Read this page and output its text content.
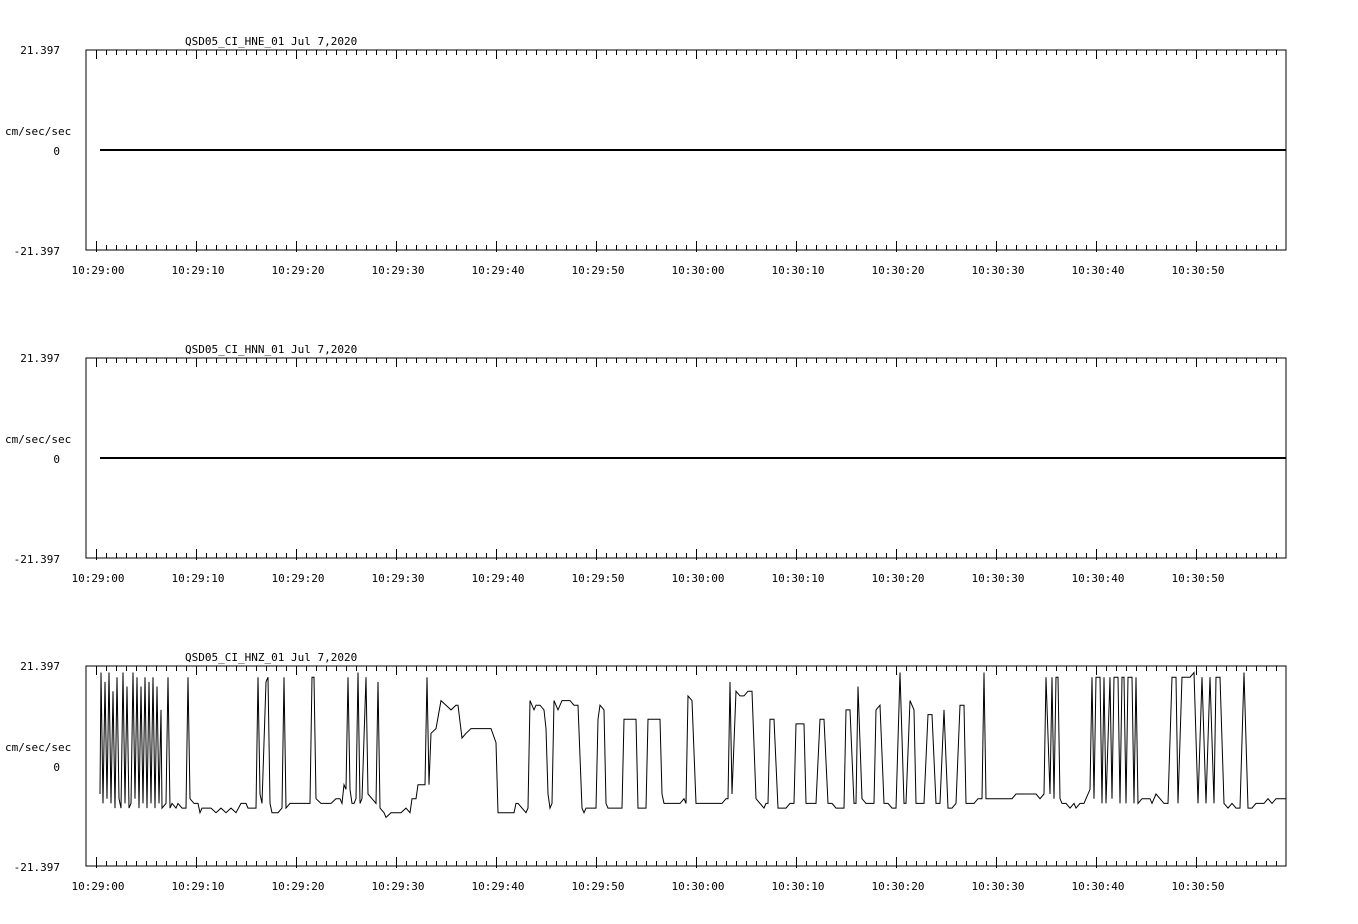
QSD05_CI_HNE_01 Jul 7,2020
21.397
0
-21.397
cm/sec/sec
10:29:00	10:29:10	10:29:20	10:29:30	10:29:40	10:29:50	10:30:00	10:30:10	10:30:20	10:30:30	10:30:40	10:30:50
QSD05_CI_HNN_01 Jul 7,2020
21.397
0
-21.397
cm/sec/sec
10:29:00	10:29:10	10:29:20	10:29:30	10:29:40	10:29:50	10:30:00	10:30:10	10:30:20	10:30:30	10:30:40	10:30:50
QSD05_CI_HNZ_01 Jul 7,2020
21.397
0
-21.397
cm/sec/sec
10:29:00	10:29:10	10:29:20	10:29:30	10:29:40	10:29:50	10:30:00	10:30:10	10:30:20	10:30:30	10:30:40	10:30:50
